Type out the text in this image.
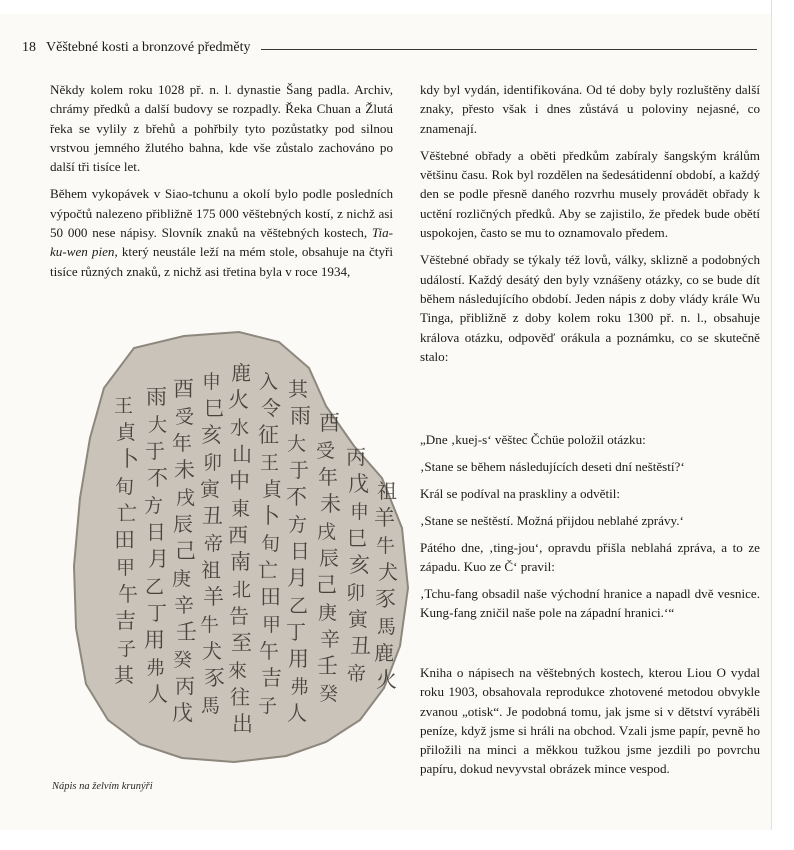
18 Věštebné kosti a bronzové předměty

Někdy kolem roku 1028 př. n. l. dynastie Šang padla. Archiv, chrámy předků a další budovy se rozpadly. Řeka Chuan a Žlutá řeka se vylily z břehů a pohřbily tyto pozůstatky pod silnou vrstvou jemného žlutého bahna, kde vše zůstalo zachováno po další tři tisíce let.

Během vykopávek v Siao-tchunu a okolí bylo podle posledních výpočtů nalezeno přibližně 175 000 věštebných kostí, z nichž asi 50 000 nese nápisy. Slovník znaků na věštebných kostech, Tia-ku-wen pien, který neustále leží na mém stole, obsahuje na čtyři tisíce různých znaků, z nichž asi třetina byla v roce 1934,

kdy byl vydán, identifikována. Od té doby byly rozluštěny další znaky, přesto však i dnes zůstává u poloviny nejasné, co znamenají.

Věštebné obřady a oběti předkům zabíraly šangským králům většinu času. Rok byl rozdělen na šedesátidenní období, a každý den se podle přesně daného rozvrhu musely provádět obřady k uctění rozličných předků. Aby se zajistilo, že předek bude obětí uspokojen, často se mu to oznamovalo předem.

Věštebné obřady se týkaly též lovů, války, sklizně a podobných událostí. Každý desátý den byly vznášeny otázky, co se bude dít během následujícího období. Jeden nápis z doby vlády krále Wu Tinga, přibližně z doby kolem roku 1300 př. n. l., obsahuje králova otázku, odpověď orákula a poznámku, co se skutečně stalo:

„Dne ‚kuej-s‘ věštec Čchüe položil otázku:

‚Stane se během následujících deseti dní neštěstí?‘

Král se podíval na praskliny a odvětil:

‚Stane se neštěstí. Možná přijdou neblahé zprávy.‘

Pátého dne, ‚ting-jou‘, opravdu přišla neblahá zpráva, a to ze západu. Kuo ze Č‘ pravil:

‚Tchu-fang obsadil naše východní hranice a napadl dvě vesnice. Kung-fang zničil naše pole na západní hranici.‘“

Kniha o nápisech na věštebných kostech, kterou Liou O vydal roku 1903, obsahovala reprodukce zhotovené metodou obvykle zvanou „otisk“. Je podobná tomu, jak jsme si v dětství vyráběli peníze, když jsme si hráli na obchod. Vzali jsme papír, pevně ho přiložili na minci a měkkou tužkou jsme jezdili po povrchu papíru, dokud nevyvstal obrázek mince vespod.

王
貞
卜
旬
亡
田
甲
午
吉
子
其
雨
大
于
不
方
日
月
乙
丁
用
弗
人
酉
受
年
未
戌
辰
己
庚
辛
壬
癸
丙
戊
申
巳
亥
卯
寅
丑
帝
祖
羊
牛
犬
豕
馬
鹿
火
水
山
中
東
西
南
北
告
至
來
往
出
入
令
征
王
貞
卜
旬
亡
田
甲
午
吉
子
其
雨
大
于
不
方
日
月
乙
丁
用
弗
人
酉
受
年
未
戌
辰
己
庚
辛
壬
癸
丙
戊
申
巳
亥
卯
寅
丑
帝
祖
羊
牛
犬
豕
馬
鹿
火
Nápis na želvím krunýři
